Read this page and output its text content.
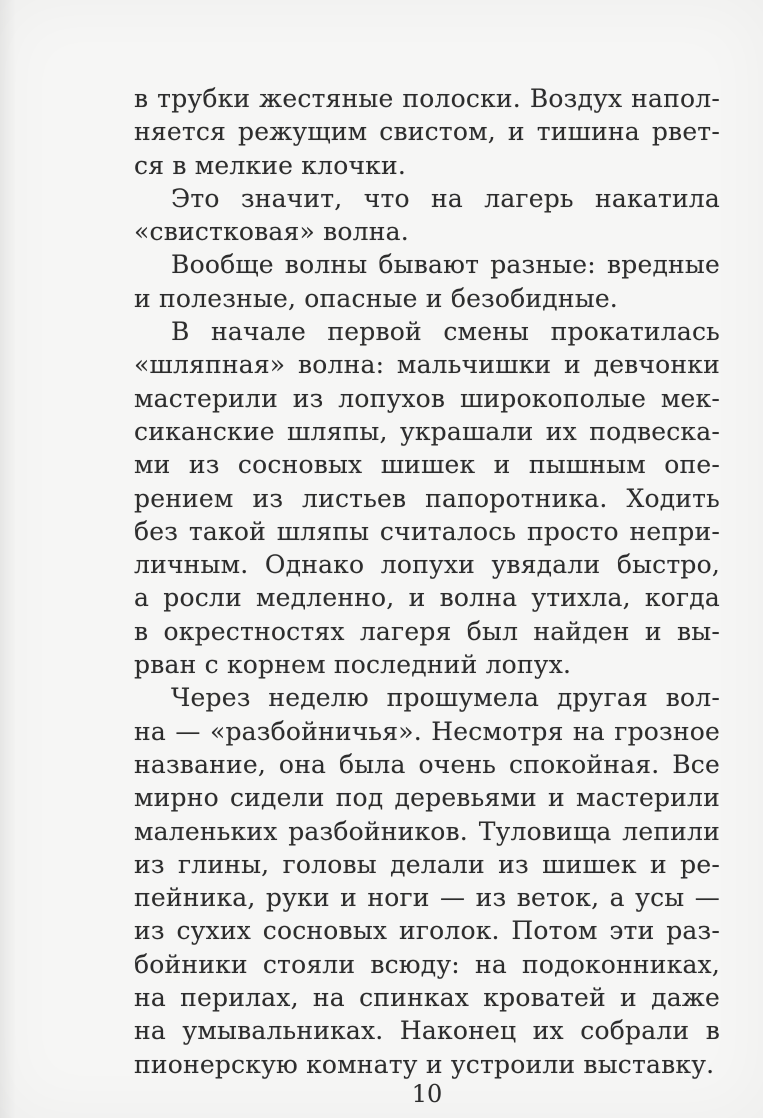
в трубки жестяные полоски. Воздух напол-
няется режущим свистом, и тишина рвет-
ся в мелкие клочки.
Это значит, что на лагерь накатила
«свистковая» волна.
Вообще волны бывают разные: вредные
и полезные, опасные и безобидные.
В начале первой смены прокатилась
«шляпная» волна: мальчишки и девчонки
мастерили из лопухов широкополые мек-
сиканские шляпы, украшали их подвеска-
ми из сосновых шишек и пышным опе-
рением из листьев папоротника. Ходить
без такой шляпы считалось просто непри-
личным. Однако лопухи увядали быстро,
а росли медленно, и волна утихла, когда
в окрестностях лагеря был найден и вы-
рван с корнем последний лопух.
Через неделю прошумела другая вол-
на — «разбойничья». Несмотря на грозное
название, она была очень спокойная. Все
мирно сидели под деревьями и мастерили
маленьких разбойников. Туловища лепили
из глины, головы делали из шишек и ре-
пейника, руки и ноги — из веток, а усы —
из сухих сосновых иголок. Потом эти раз-
бойники стояли всюду: на подоконниках,
на перилах, на спинках кроватей и даже
на умывальниках. Наконец их собрали в
пионерскую комнату и устроили выставку.
10
